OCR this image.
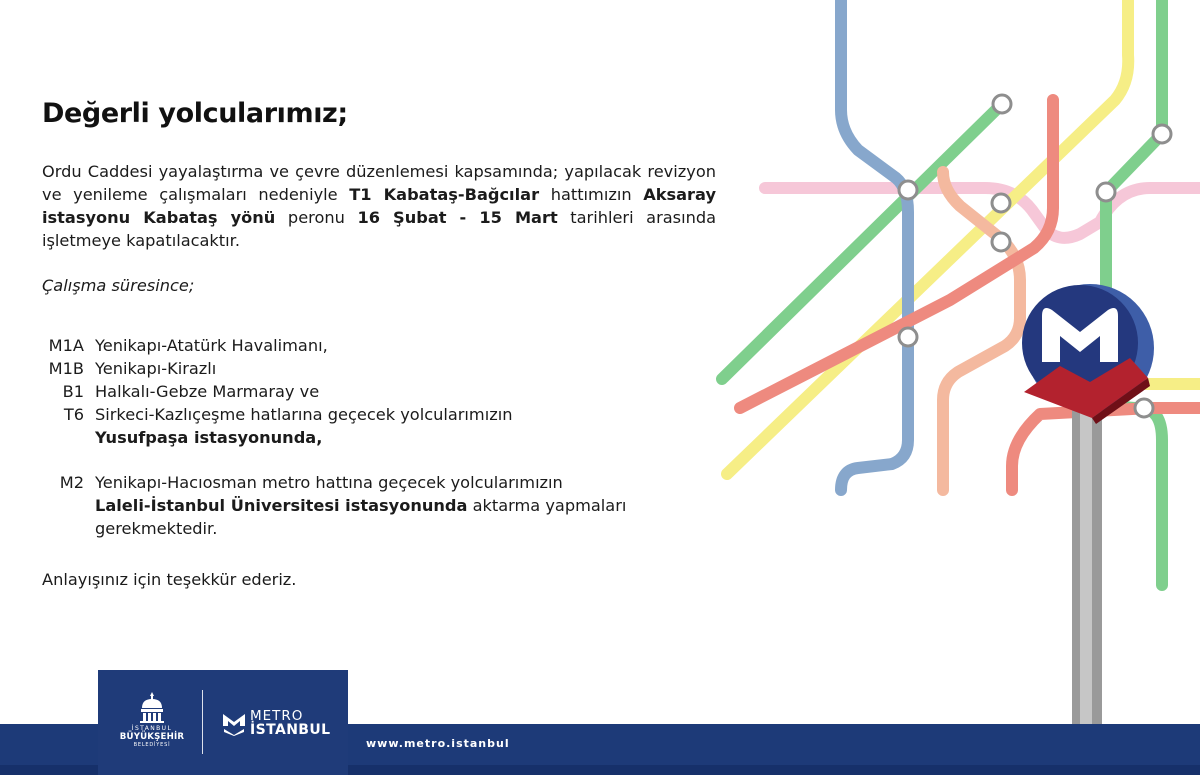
Değerli yolcularımız;

Ordu Caddesi yayalaştırma ve çevre düzenlemesi kapsamında; yapılacak revizyon ve yenileme çalışmaları nedeniyle T1 Kabataş-Bağcılar hattımızın Aksaray istasyonu Kabataş yönü peronu 16 Şubat - 15 Mart tarihleri arasında işletmeye kapatılacaktır.

Çalışma süresince;

M1A Yenikapı-Atatürk Havalimanı,
M1B Yenikapı-Kirazlı
B1 Halkalı-Gebze Marmaray ve
T6 Sirkeci-Kazlıçeşme hatlarına geçecek yolcularımızın
Yusufpaşa istasyonunda,
M2 Yenikapı-Hacıosman metro hattına geçecek yolcularımızın
Laleli-İstanbul Üniversitesi istasyonunda aktarma yapmaları gerekmektedir.

Anlayışınız için teşekkür ederiz.

İSTANBUL
BÜYÜKŞEHİR
BELEDİYESİ
METRO
İSTANBUL
www.metro.istanbul
